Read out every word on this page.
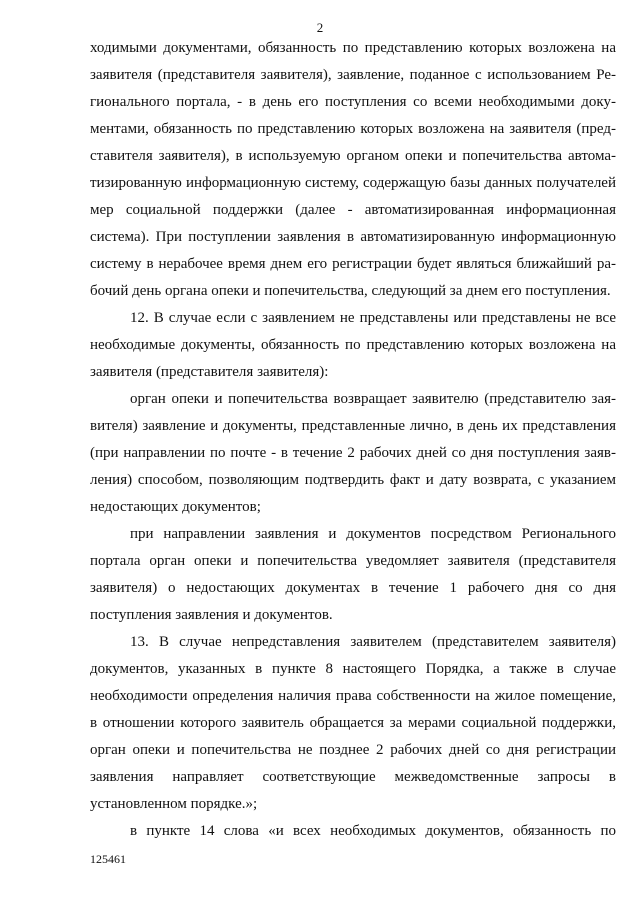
2

ходимыми документами, обязанность по представлению которых возложена на заявителя (представителя заявителя), заявление, поданное с использованием Регионального портала, - в день его поступления со всеми необходимыми документами, обязанность по представлению которых возложена на заявителя (представителя заявителя), в используемую органом опеки и попечительства автоматизированную информационную систему, содержащую базы данных получателей мер социальной поддержки (далее - автоматизированная информационная система). При поступлении заявления в автоматизированную информационную систему в нерабочее время днем его регистрации будет являться ближайший рабочий день органа опеки и попечительства, следующий за днем его поступления.

12. В случае если с заявлением не представлены или представлены не все необходимые документы, обязанность по представлению которых возложена на заявителя (представителя заявителя):

орган опеки и попечительства возвращает заявителю (представителю заявителя) заявление и документы, представленные лично, в день их представления (при направлении по почте - в течение 2 рабочих дней со дня поступления заявления) способом, позволяющим подтвердить факт и дату возврата, с указанием недостающих документов;

при направлении заявления и документов посредством Регионального портала орган опеки и попечительства уведомляет заявителя (представителя заявителя) о недостающих документах в течение 1 рабочего дня со дня поступления заявления и документов.

13. В случае непредставления заявителем (представителем заявителя) документов, указанных в пункте 8 настоящего Порядка, а также в случае необходимости определения наличия права собственности на жилое помещение, в отношении которого заявитель обращается за мерами социальной поддержки, орган опеки и попечительства не позднее 2 рабочих дней со дня регистрации заявления направляет соответствующие межведомственные запросы в установленном порядке.»;

в пункте 14 слова «и всех необходимых документов, обязанность по

125461
